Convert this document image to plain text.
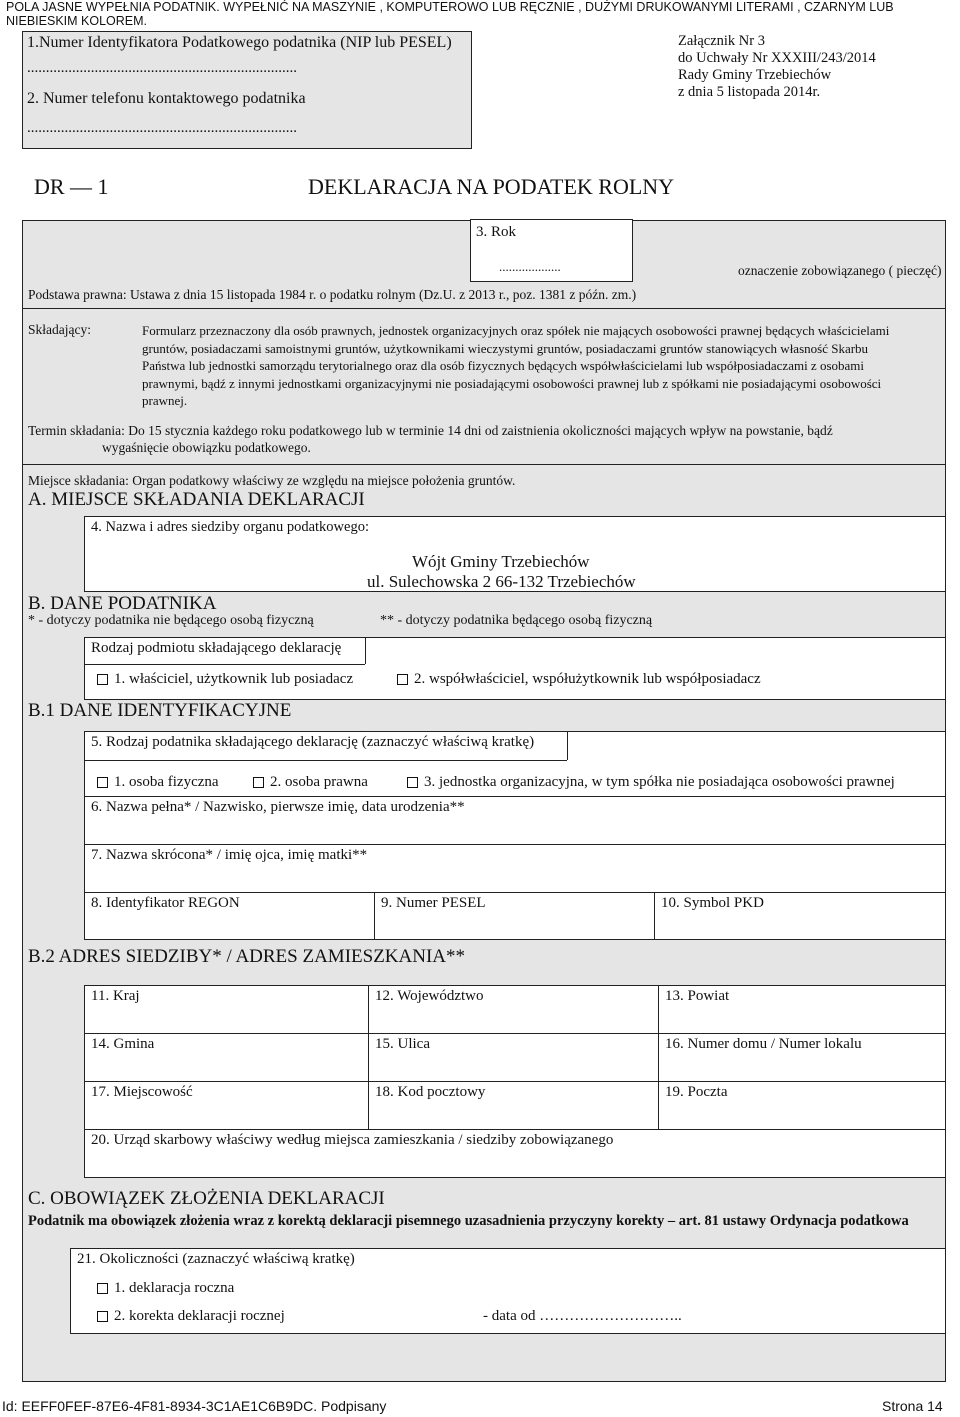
POLA JASNE WYPEŁNIA PODATNIK. WYPEŁNIĆ NA MASZYNIE , KOMPUTEROWO LUB RĘCZNIE , DUŻYMI DRUKOWANYMI LITERAMI , CZARNYM LUB NIEBIESKIM KOLOREM.
1.Numer Identyfikatora Podatkowego podatnika (NIP lub PESEL)
........................................................................
2. Numer telefonu kontaktowego podatnika
........................................................................
Załącznik Nr 3
do Uchwały Nr XXXIII/243/2014
Rady Gminy Trzebiechów
z dnia 5 listopada 2014r.
DR — 1	DEKLARACJA NA PODATEK ROLNY
3. Rok
...................	oznaczenie zobowiązanego ( pieczęć)
Podstawa prawna: Ustawa z dnia 15 listopada 1984 r. o podatku rolnym (Dz.U. z 2013 r., poz. 1381 z późn. zm.)
Składający:	Formularz przeznaczony dla osób prawnych, jednostek organizacyjnych oraz spółek nie mających osobowości prawnej będących właścicielami gruntów, posiadaczami samoistnymi gruntów, użytkownikami wieczystymi gruntów, posiadaczami gruntów stanowiących własność Skarbu Państwa lub jednostki samorządu terytorialnego oraz dla osób fizycznych będących współwłaścicielami lub współposiadaczami z osobami prawnymi, bądź z innymi jednostkami organizacyjnymi nie posiadającymi osobowości prawnej lub z spółkami nie posiadającymi osobowości prawnej.
Termin składania: Do 15 stycznia każdego roku podatkowego lub w terminie 14 dni od zaistnienia okoliczności mających wpływ na powstanie, bądź
wygaśnięcie obowiązku podatkowego.
Miejsce składania: Organ podatkowy właściwy ze względu na miejsce położenia gruntów.
A. MIEJSCE SKŁADANIA DEKLARACJI
4. Nazwa i adres siedziby organu podatkowego:
Wójt Gminy Trzebiechów
ul. Sulechowska 2 66-132 Trzebiechów
B. DANE PODATNIKA
* - dotyczy podatnika nie będącego osobą fizyczną	** - dotyczy podatnika będącego osobą fizyczną
Rodzaj podmiotu składającego deklarację
1. właściciel, użytkownik lub posiadacz	2. współwłaściciel, współużytkownik lub współposiadacz
B.1 DANE IDENTYFIKACYJNE
5. Rodzaj podatnika składającego deklarację (zaznaczyć właściwą kratkę)
1. osoba fizyczna	2. osoba prawna	3. jednostka organizacyjna, w tym spółka nie posiadająca osobowości prawnej
6. Nazwa pełna* / Nazwisko, pierwsze imię, data urodzenia**
7. Nazwa skrócona* / imię ojca, imię matki**
8. Identyfikator REGON	9. Numer PESEL	10. Symbol PKD
B.2 ADRES SIEDZIBY* / ADRES ZAMIESZKANIA**
11. Kraj	12. Województwo	13. Powiat
14. Gmina	15. Ulica	16. Numer domu / Numer lokalu
17. Miejscowość	18. Kod pocztowy	19. Poczta
20. Urząd skarbowy właściwy według miejsca zamieszkania / siedziby zobowiązanego
C. OBOWIĄZEK ZŁOŻENIA DEKLARACJI
Podatnik ma obowiązek złożenia wraz z korektą deklaracji pisemnego uzasadnienia przyczyny korekty – art. 81 ustawy Ordynacja podatkowa
21. Okoliczności (zaznaczyć właściwą kratkę)
1. deklaracja roczna
2. korekta deklaracji rocznej	- data od ………………………..
Id: EEFF0FEF-87E6-4F81-8934-3C1AE1C6B9DC. Podpisany	Strona 14
